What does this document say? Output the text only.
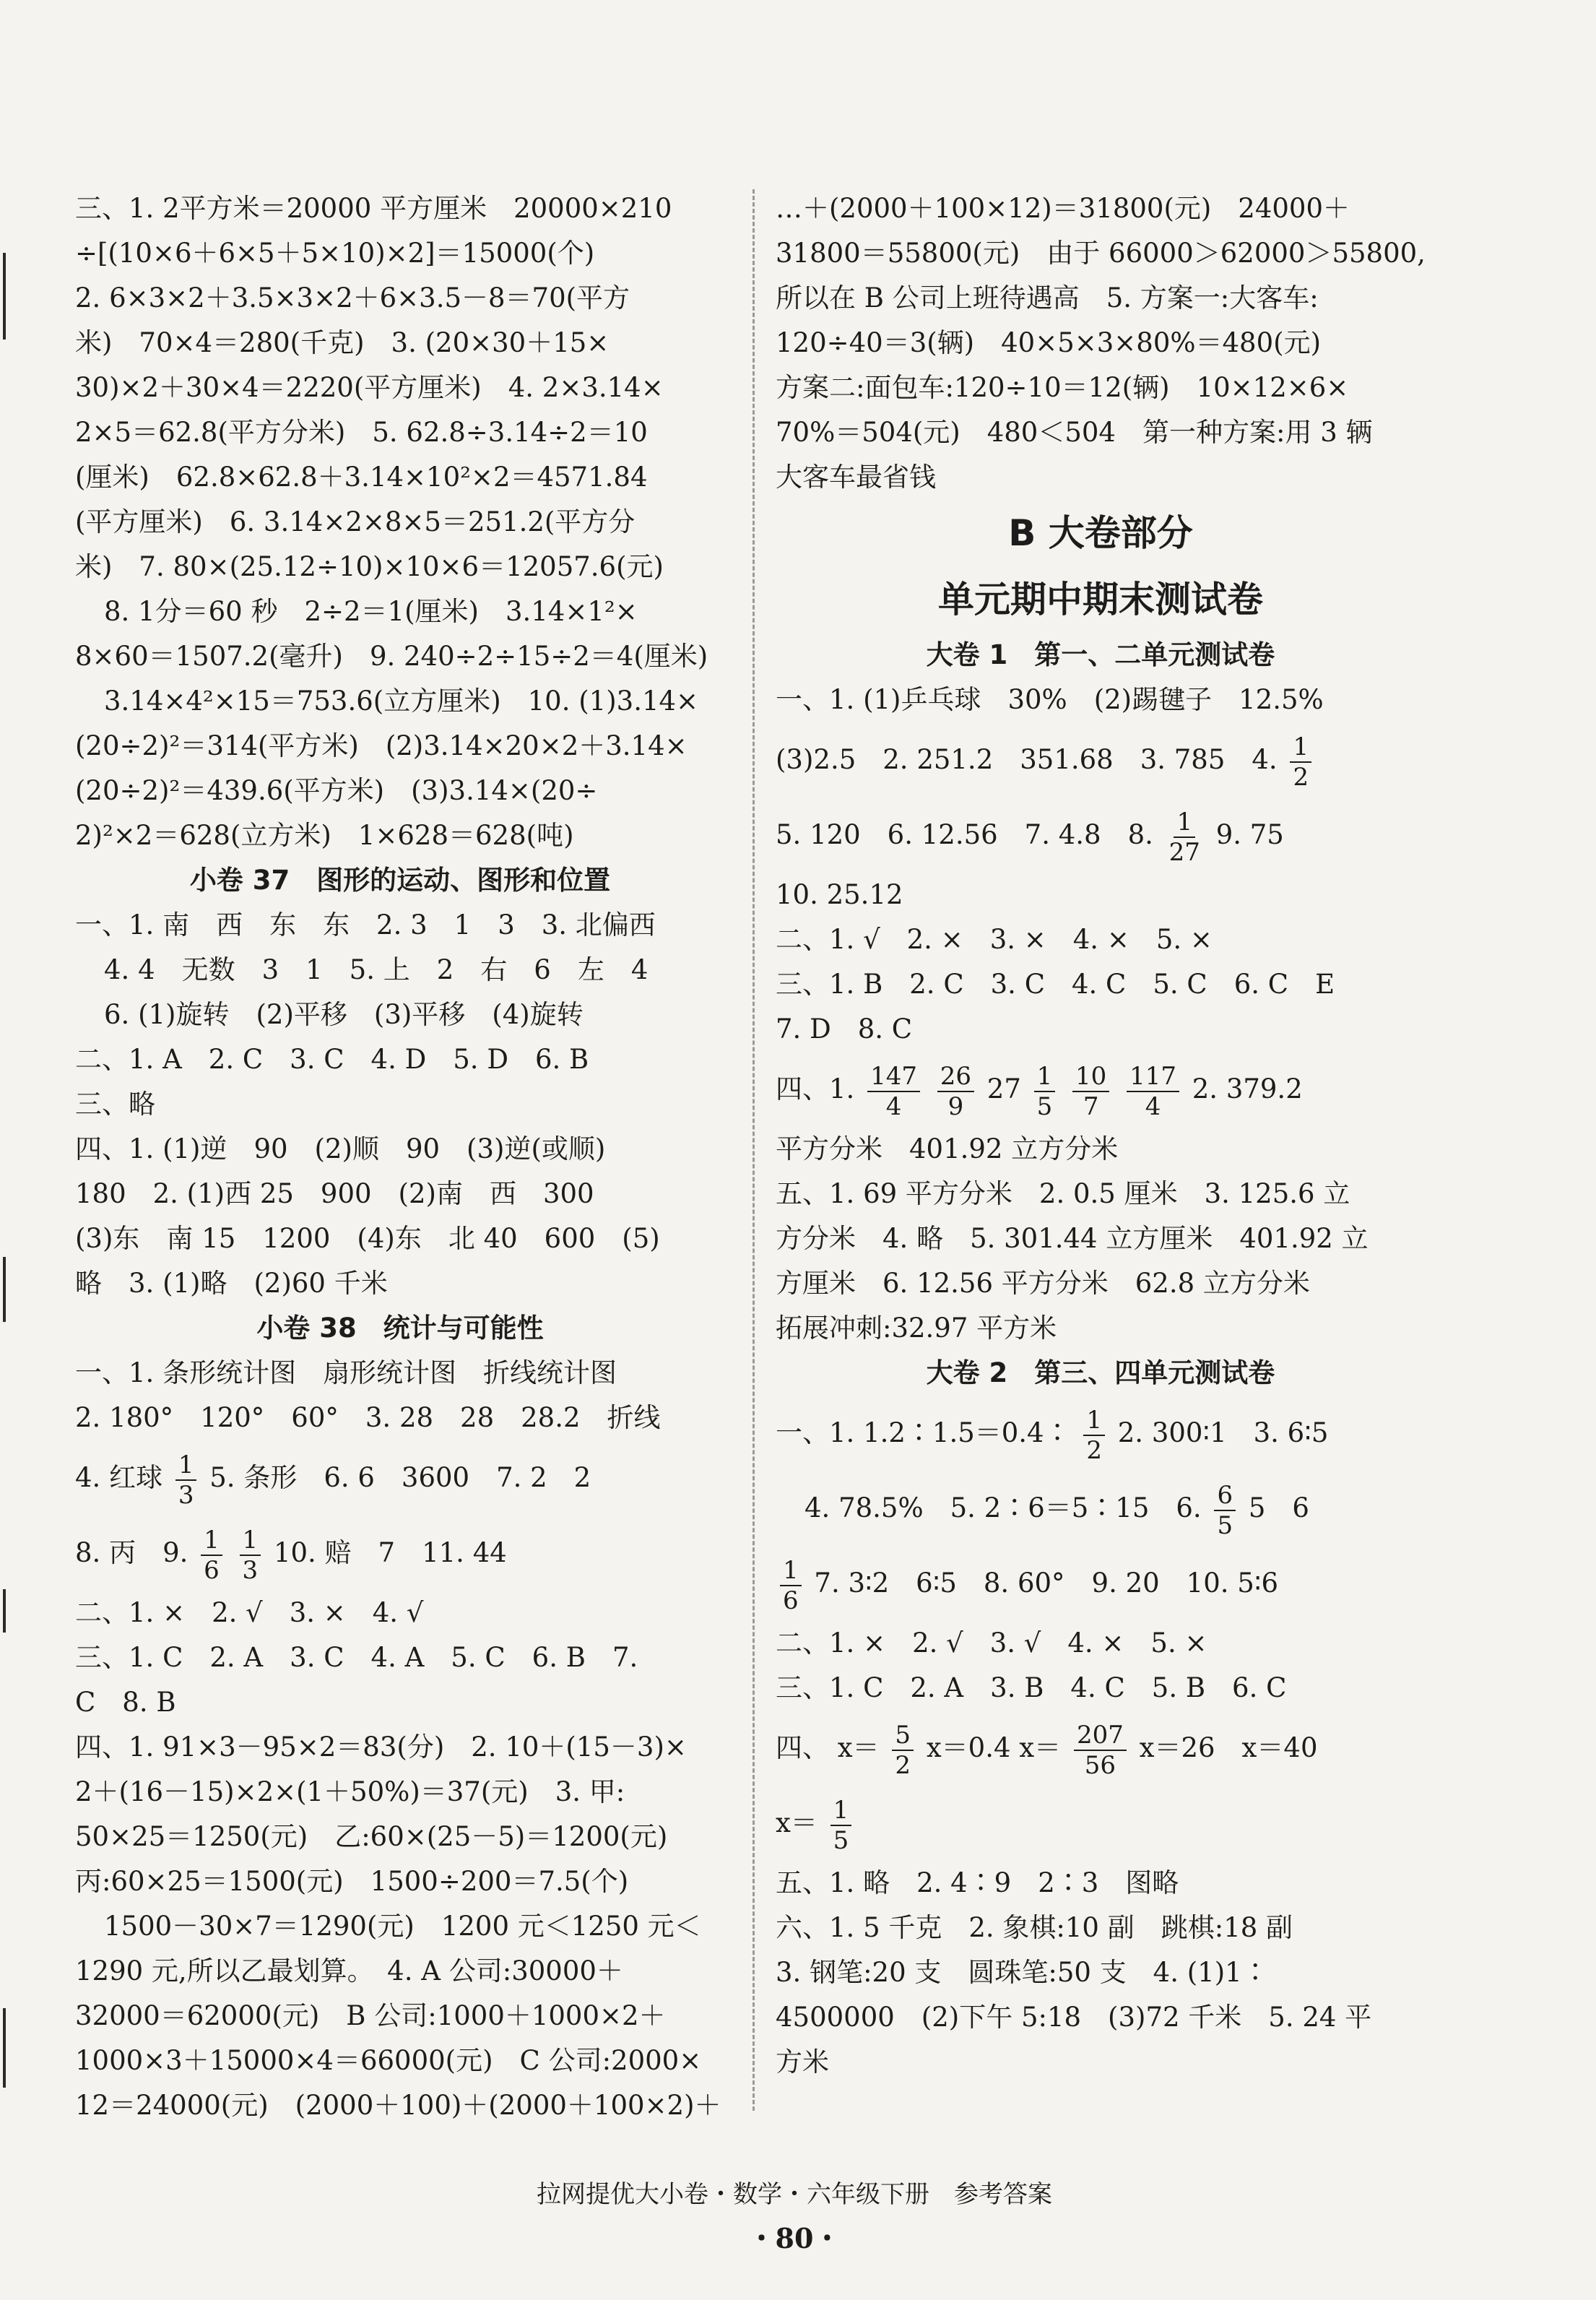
三、1. 2平方米＝20000 平方厘米　20000×210
÷[(10×6＋6×5＋5×10)×2]＝15000(个)
2. 6×3×2＋3.5×3×2＋6×3.5－8＝70(平方
米)　70×4＝280(千克)　3. (20×30＋15×
30)×2＋30×4＝2220(平方厘米)　4. 2×3.14×
2×5＝62.8(平方分米)　5. 62.8÷3.14÷2＝10
(厘米)　62.8×62.8＋3.14×10²×2＝4571.84
(平方厘米)　6. 3.14×2×8×5＝251.2(平方分
米)　7. 80×(25.12÷10)×10×6＝12057.6(元)
8. 1分＝60 秒　2÷2＝1(厘米)　3.14×1²×
8×60＝1507.2(毫升)　9. 240÷2÷15÷2＝4(厘米)
3.14×4²×15＝753.6(立方厘米)　10. (1)3.14×
(20÷2)²＝314(平方米)　(2)3.14×20×2＋3.14×
(20÷2)²＝439.6(平方米)　(3)3.14×(20÷
2)²×2＝628(立方米)　1×628＝628(吨)
小卷 37　图形的运动、图形和位置
一、1. 南　西　东　东　2. 3　1　3　3. 北偏西
4. 4　无数　3　1　5. 上　2　右　6　左　4
6. (1)旋转　(2)平移　(3)平移　(4)旋转
二、1. A　2. C　3. C　4. D　5. D　6. B
三、略
四、1. (1)逆　90　(2)顺　90　(3)逆(或顺)
180　2. (1)西 25　900　(2)南　西　300
(3)东　南 15　1200　(4)东　北 40　600　(5)
略　3. (1)略　(2)60 千米
小卷 38　统计与可能性
一、1. 条形统计图　扇形统计图　折线统计图
2. 180°　120°　60°　3. 28　28　28.2　折线
4. 红球 $\frac{1}{3} 5$. 条形　6. 6　3600　7. 2　2
8. 丙　9. $\frac{1}{6}$
$\frac{1}{3} 10$. 赔　7　11. 44
二、1. ×　2. √　3. ×　4. √
三、1. C　2. A　3. C　4. A　5. C　6. B　7.
C　8. B
四、1. 91×3－95×2＝83(分)　2. 10＋(15－3)×
2＋(16－15)×2×(1＋50%)＝37(元)　3. 甲:
50×25＝1250(元)　乙:60×(25－5)＝1200(元)
丙:60×25＝1500(元)　1500÷200＝7.5(个)
1500－30×7＝1290(元)　1200 元＜1250 元＜
1290 元,所以乙最划算。　4. A 公司:30000＋
32000＝62000(元)　B 公司:1000＋1000×2＋
1000×3＋15000×4＝66000(元)　C 公司:2000×
12＝24000(元)　(2000＋100)＋(2000＋100×2)＋
…＋(2000＋100×12)＝31800(元)　24000＋
31800＝55800(元)　由于 66000＞62000＞55800,
所以在 B 公司上班待遇高　5. 方案一:大客车:
120÷40＝3(辆)　40×5×3×80%＝480(元)
方案二:面包车:120÷10＝12(辆)　10×12×6×
70%＝504(元)　480＜504　第一种方案:用 3 辆
大客车最省钱
B 大卷部分
单元期中期末测试卷
大卷 1　第一、二单元测试卷
一、1. (1)乒乓球　30%　(2)踢毽子　12.5%
(3)2.5　2. 251.2　351.68　3. 785　4. $\frac{1}{2}$
5. 120　6. 12.56　7. 4.8　8. $\frac{1}{27} 9$. 75
10. 25.12
二、1. √　2. ×　3. ×　4. ×　5. ×
三、1. B　2. C　3. C　4. C　5. C　6. C　E
7. D　8. C
四、1. $\frac{147}{4}$
$\frac{26}{9} 27 \frac{1}{5}$
$\frac{10}{7}$
$\frac{117}{4} 2$. 379.2
平方分米　401.92 立方分米
五、1. 69 平方分米　2. 0.5 厘米　3. 125.6 立
方分米　4. 略　5. 301.44 立方厘米　401.92 立
方厘米　6. 12.56 平方分米　62.8 立方分米
拓展冲刺:32.97 平方米
大卷 2　第三、四单元测试卷
一、1. 1.2∶1.5＝0.4∶ $\frac{1}{2} 2$. 300∶1　3. 6∶5
4. 78.5%　5. 2∶6＝5∶15　6. $\frac{6}{5} 5$　6
$\frac{1}{6} 7$. 3∶2　6∶5　8. 60°　9. 20　10. 5∶6
二、1. ×　2. √　3. √　4. ×　5. ×
三、1. C　2. A　3. B　4. C　5. B　6. C
四、 $x= \frac{5}{2} x=0.4$ $x= \frac{207}{56} x=26$　x＝40
$x= \frac{1}{5}$
五、1. 略　2. 4∶9　2∶3　图略
六、1. 5 千克　2. 象棋:10 副　跳棋:18 副
3. 钢笔:20 支　圆珠笔:50 支　4. (1)1∶
4500000　(2)下午 5:18　(3)72 千米　5. 24 平
方米
拉网提优大小卷・数学・六年级下册　参考答案
・80・
